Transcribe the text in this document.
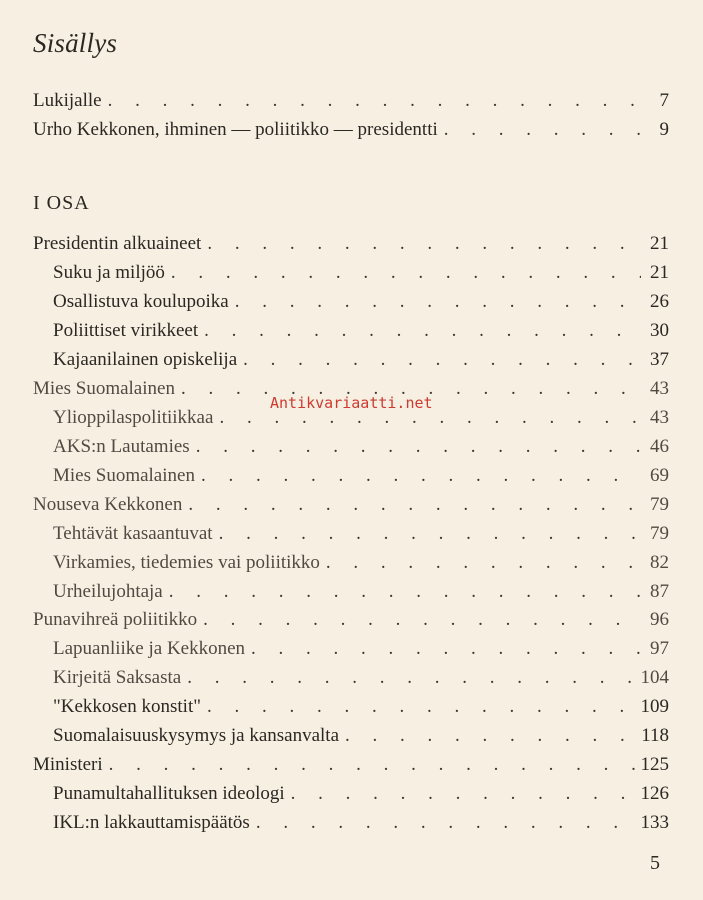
Sisällys
Lukijalle . . .	7
Urho Kekkonen, ihminen — poliitikko — presidentti . . .	9
I OSA
Presidentin alkuaineet . . .	21
Suku ja miljöö . . .	21
Osallistuva koulupoika . . .	26
Poliittiset virikkeet . . .	30
Kajaanilainen opiskelija . . .	37
Mies Suomalainen . . .	43
Ylioppilaspolitiikkaa . . .	43
AKS:n Lautamies . . .	46
Mies Suomalainen . . .	69
Nouseva Kekkonen . . .	79
Tehtävät kasaantuvat . . .	79
Virkamies, tiedemies vai poliitikko . . .	82
Urheilujohtaja . . .	87
Punavihreä poliitikko . . .	96
Lapuanliike ja Kekkonen . . .	97
Kirjeitä Saksasta . . .	104
"Kekkosen konstit" . . .	109
Suomalaisuuskysymys ja kansanvalta . . .	118
Ministeri . . .	125
Punamultahallituksen ideologi . . .	126
IKL:n lakkauttamispäätös . . .	133
Antikvariaatti.net
5
